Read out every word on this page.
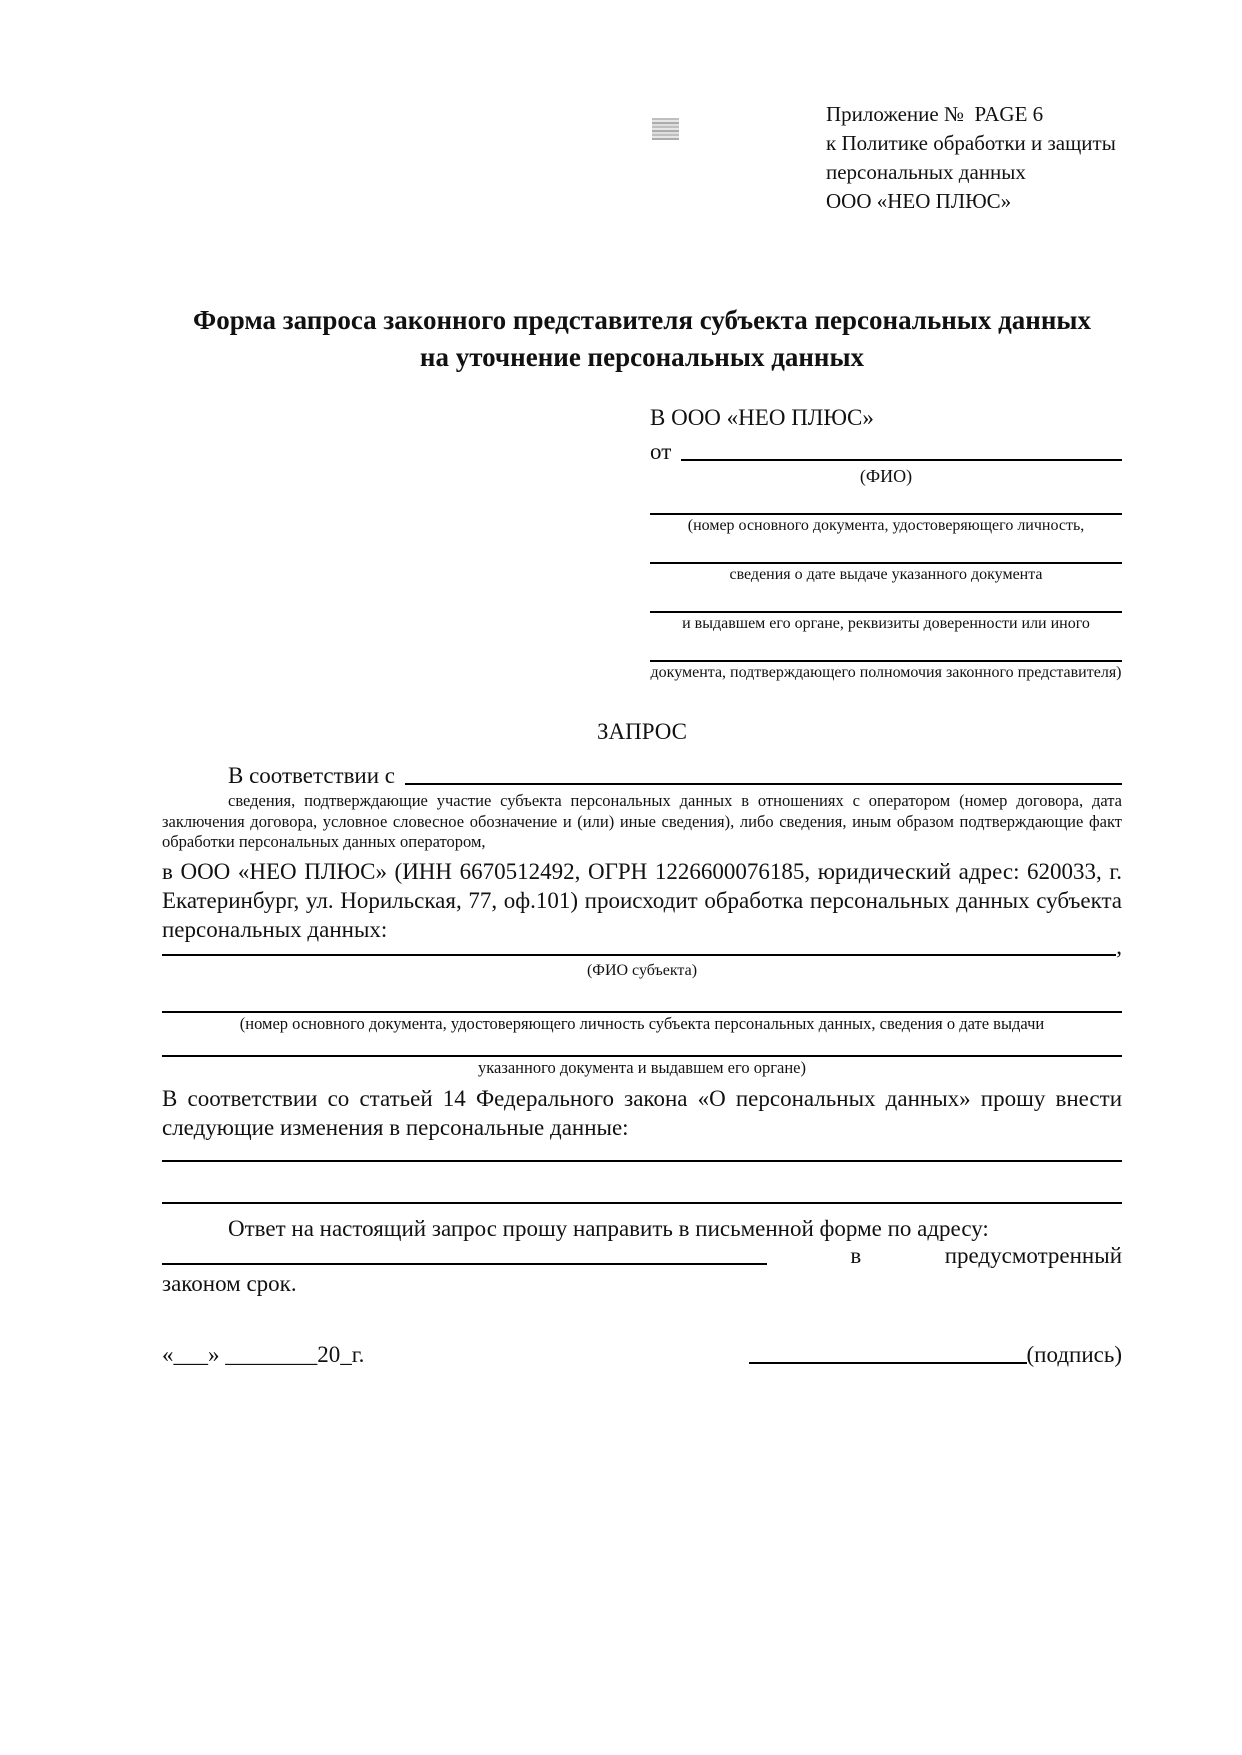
Приложение №  PAGE 6
к Политике обработки и защиты
персональных данных
ООО «НЕО ПЛЮС»
Форма запроса законного представителя субъекта персональных данных
на уточнение персональных данных
В ООО «НЕО ПЛЮС»
от
(ФИО)
(номер основного документа, удостоверяющего личность,
сведения о дате выдаче указанного документа
и выдавшем его органе, реквизиты доверенности или иного
документа, подтверждающего полномочия законного представителя)
ЗАПРОС
В соответствии с
сведения, подтверждающие участие субъекта персональных данных в отношениях с оператором (номер договора, дата заключения договора, условное словесное обозначение и (или) иные сведения), либо сведения, иным образом подтверждающие факт обработки персональных данных оператором,
в ООО «НЕО ПЛЮС» (ИНН 6670512492, ОГРН 1226600076185, юридический адрес: 620033, г. Екатеринбург, ул. Норильская, 77, оф.101) происходит обработка персональных данных субъекта персональных данных:
,
(ФИО субъекта)
(номер основного документа, удостоверяющего личность субъекта персональных данных, сведения о дате выдачи
указанного документа и выдавшем его органе)
В соответствии со статьей 14 Федерального закона «О персональных данных» прошу внести следующие изменения в персональные данные:
Ответ на настоящий запрос прошу направить в письменной форме по адресу:
в	предусмотренный
законом срок.
«___» ________20_г.	(подпись)
